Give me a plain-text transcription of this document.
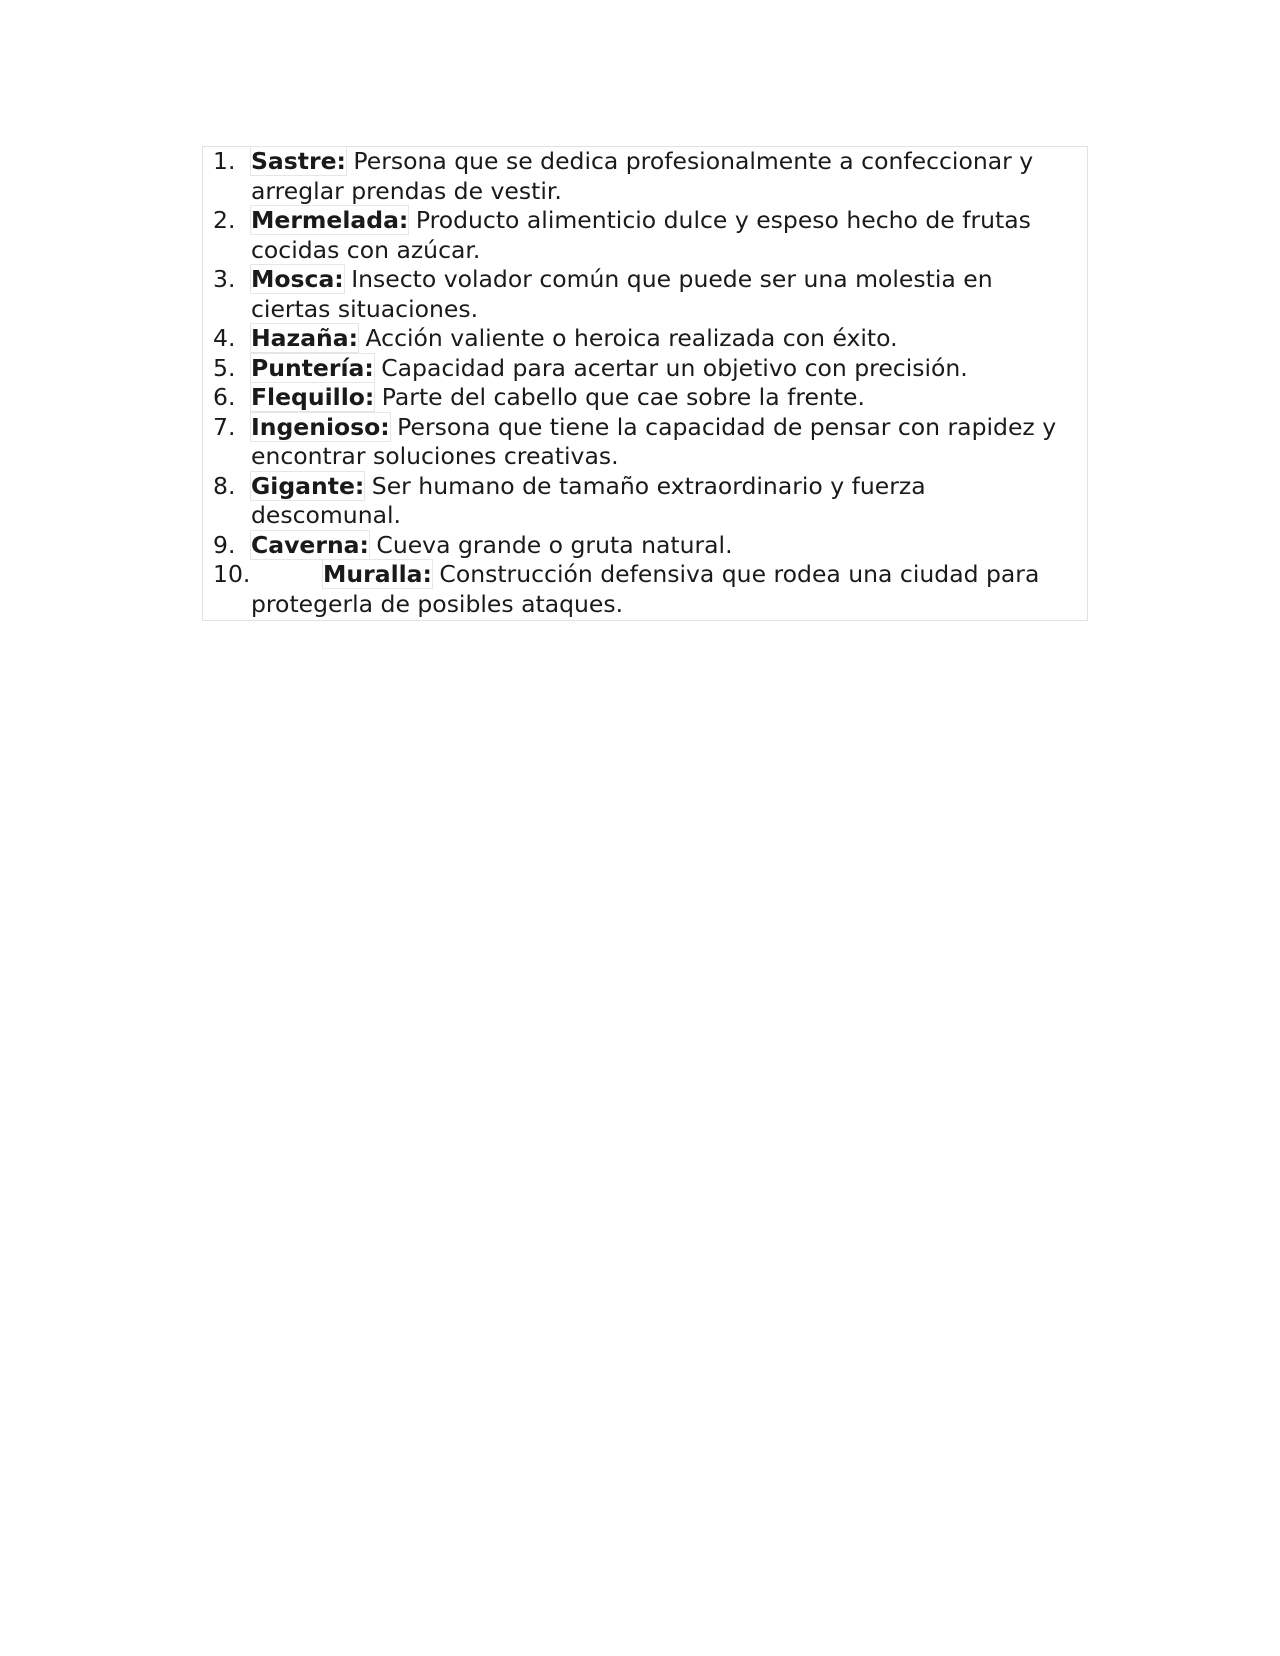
1. Sastre: Persona que se dedica profesionalmente a confeccionar y arreglar prendas de vestir.
2. Mermelada: Producto alimenticio dulce y espeso hecho de frutas cocidas con azúcar.
3. Mosca: Insecto volador común que puede ser una molestia en ciertas situaciones.
4. Hazaña: Acción valiente o heroica realizada con éxito.
5. Puntería: Capacidad para acertar un objetivo con precisión.
6. Flequillo: Parte del cabello que cae sobre la frente.
7. Ingenioso: Persona que tiene la capacidad de pensar con rapidez y encontrar soluciones creativas.
8. Gigante: Ser humano de tamaño extraordinario y fuerza descomunal.
9. Caverna: Cueva grande o gruta natural.
10.	Muralla: Construcción defensiva que rodea una ciudad para protegerla de posibles ataques.
